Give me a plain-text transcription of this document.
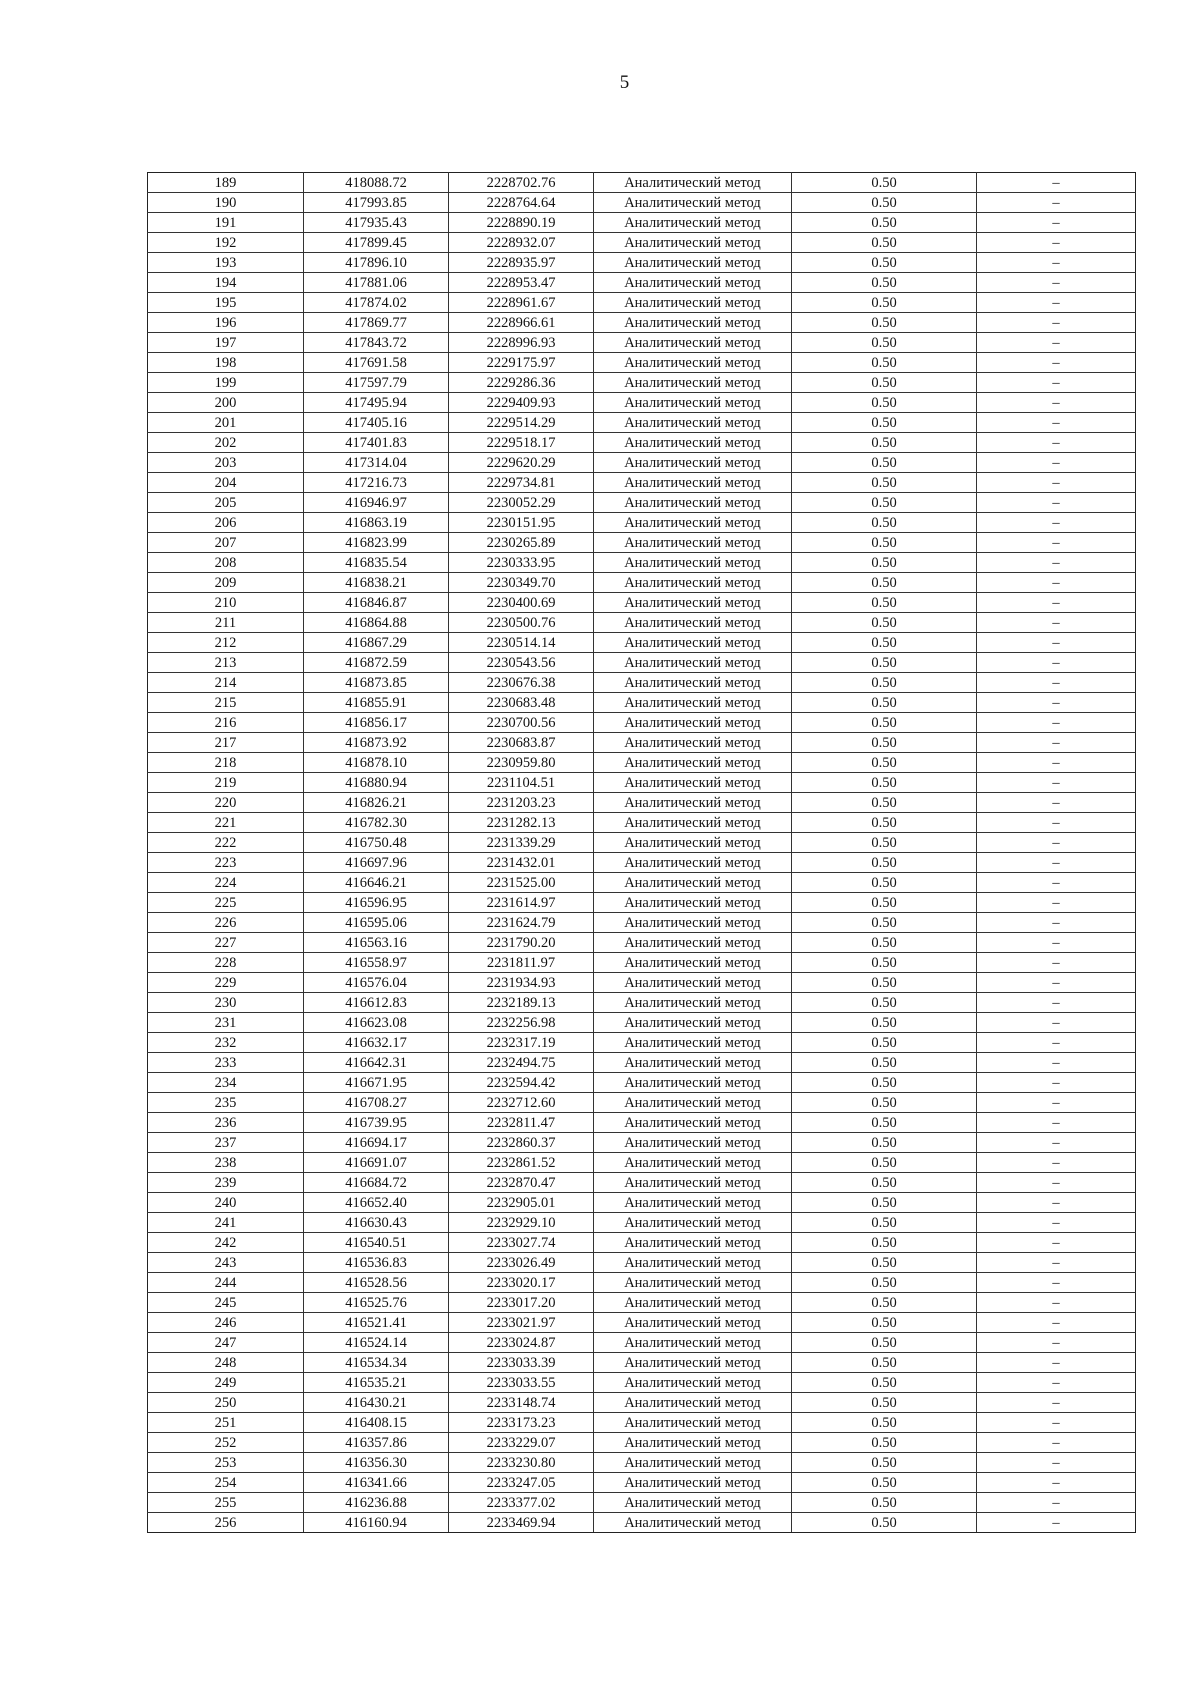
5
189	418088.72	2228702.76	Аналитический метод	0.50	–
190	417993.85	2228764.64	Аналитический метод	0.50	–
191	417935.43	2228890.19	Аналитический метод	0.50	–
192	417899.45	2228932.07	Аналитический метод	0.50	–
193	417896.10	2228935.97	Аналитический метод	0.50	–
194	417881.06	2228953.47	Аналитический метод	0.50	–
195	417874.02	2228961.67	Аналитический метод	0.50	–
196	417869.77	2228966.61	Аналитический метод	0.50	–
197	417843.72	2228996.93	Аналитический метод	0.50	–
198	417691.58	2229175.97	Аналитический метод	0.50	–
199	417597.79	2229286.36	Аналитический метод	0.50	–
200	417495.94	2229409.93	Аналитический метод	0.50	–
201	417405.16	2229514.29	Аналитический метод	0.50	–
202	417401.83	2229518.17	Аналитический метод	0.50	–
203	417314.04	2229620.29	Аналитический метод	0.50	–
204	417216.73	2229734.81	Аналитический метод	0.50	–
205	416946.97	2230052.29	Аналитический метод	0.50	–
206	416863.19	2230151.95	Аналитический метод	0.50	–
207	416823.99	2230265.89	Аналитический метод	0.50	–
208	416835.54	2230333.95	Аналитический метод	0.50	–
209	416838.21	2230349.70	Аналитический метод	0.50	–
210	416846.87	2230400.69	Аналитический метод	0.50	–
211	416864.88	2230500.76	Аналитический метод	0.50	–
212	416867.29	2230514.14	Аналитический метод	0.50	–
213	416872.59	2230543.56	Аналитический метод	0.50	–
214	416873.85	2230676.38	Аналитический метод	0.50	–
215	416855.91	2230683.48	Аналитический метод	0.50	–
216	416856.17	2230700.56	Аналитический метод	0.50	–
217	416873.92	2230683.87	Аналитический метод	0.50	–
218	416878.10	2230959.80	Аналитический метод	0.50	–
219	416880.94	2231104.51	Аналитический метод	0.50	–
220	416826.21	2231203.23	Аналитический метод	0.50	–
221	416782.30	2231282.13	Аналитический метод	0.50	–
222	416750.48	2231339.29	Аналитический метод	0.50	–
223	416697.96	2231432.01	Аналитический метод	0.50	–
224	416646.21	2231525.00	Аналитический метод	0.50	–
225	416596.95	2231614.97	Аналитический метод	0.50	–
226	416595.06	2231624.79	Аналитический метод	0.50	–
227	416563.16	2231790.20	Аналитический метод	0.50	–
228	416558.97	2231811.97	Аналитический метод	0.50	–
229	416576.04	2231934.93	Аналитический метод	0.50	–
230	416612.83	2232189.13	Аналитический метод	0.50	–
231	416623.08	2232256.98	Аналитический метод	0.50	–
232	416632.17	2232317.19	Аналитический метод	0.50	–
233	416642.31	2232494.75	Аналитический метод	0.50	–
234	416671.95	2232594.42	Аналитический метод	0.50	–
235	416708.27	2232712.60	Аналитический метод	0.50	–
236	416739.95	2232811.47	Аналитический метод	0.50	–
237	416694.17	2232860.37	Аналитический метод	0.50	–
238	416691.07	2232861.52	Аналитический метод	0.50	–
239	416684.72	2232870.47	Аналитический метод	0.50	–
240	416652.40	2232905.01	Аналитический метод	0.50	–
241	416630.43	2232929.10	Аналитический метод	0.50	–
242	416540.51	2233027.74	Аналитический метод	0.50	–
243	416536.83	2233026.49	Аналитический метод	0.50	–
244	416528.56	2233020.17	Аналитический метод	0.50	–
245	416525.76	2233017.20	Аналитический метод	0.50	–
246	416521.41	2233021.97	Аналитический метод	0.50	–
247	416524.14	2233024.87	Аналитический метод	0.50	–
248	416534.34	2233033.39	Аналитический метод	0.50	–
249	416535.21	2233033.55	Аналитический метод	0.50	–
250	416430.21	2233148.74	Аналитический метод	0.50	–
251	416408.15	2233173.23	Аналитический метод	0.50	–
252	416357.86	2233229.07	Аналитический метод	0.50	–
253	416356.30	2233230.80	Аналитический метод	0.50	–
254	416341.66	2233247.05	Аналитический метод	0.50	–
255	416236.88	2233377.02	Аналитический метод	0.50	–
256	416160.94	2233469.94	Аналитический метод	0.50	–
